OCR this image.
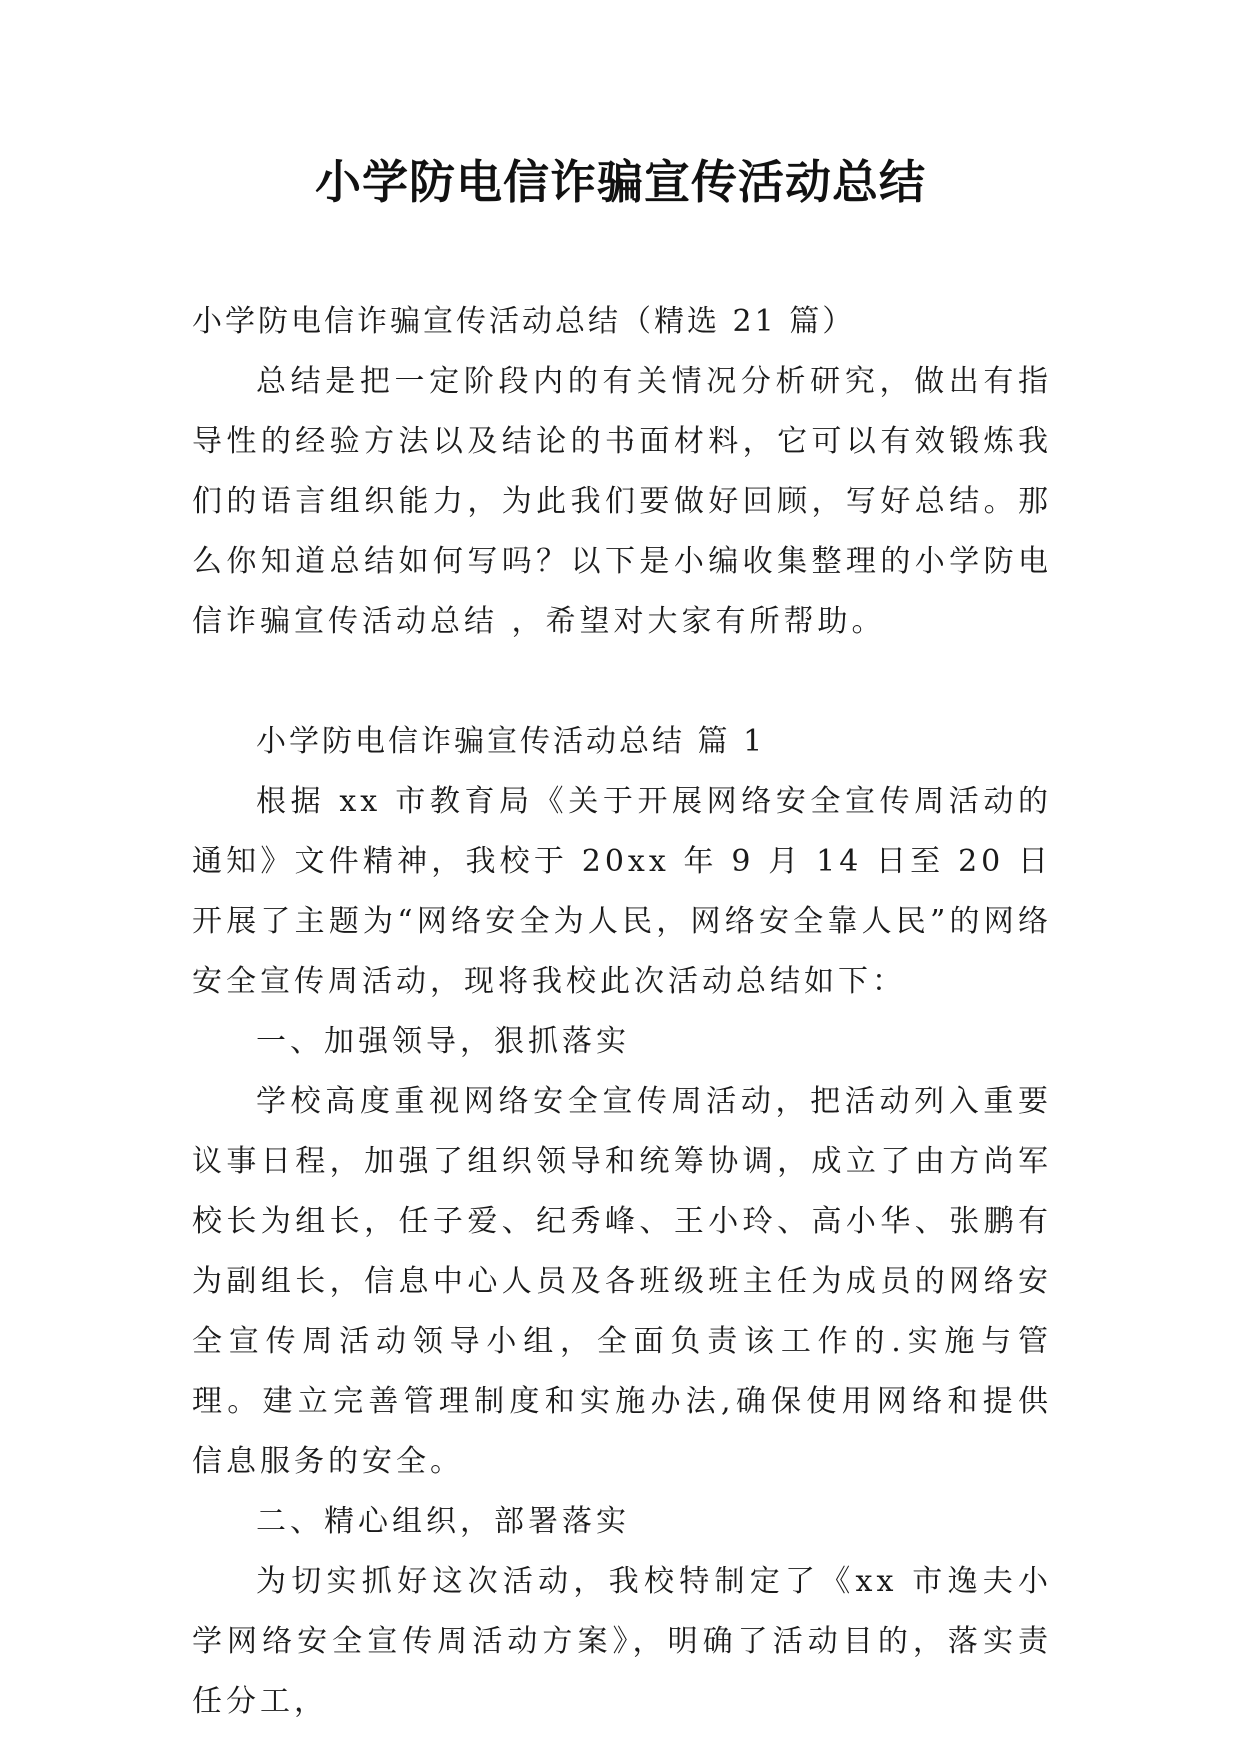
小学防电信诈骗宣传活动总结

小学防电信诈骗宣传活动总结（精选 21 篇）

总结是把一定阶段内的有关情况分析研究，做出有指导性的经验方法以及结论的书面材料，它可以有效锻炼我们的语言组织能力，为此我们要做好回顾，写好总结。那么你知道总结如何写吗？以下是小编收集整理的小学防电信诈骗宣传活动总结 ，希望对大家有所帮助。

小学防电信诈骗宣传活动总结 篇 1

根据 xx 市教育局《关于开展网络安全宣传周活动的通知》文件精神，我校于 20xx 年 9 月 14 日至 20 日开展了主题为“网络安全为人民，网络安全靠人民”的网络安全宣传周活动，现将我校此次活动总结如下：

一、加强领导，狠抓落实

学校高度重视网络安全宣传周活动，把活动列入重要议事日程，加强了组织领导和统筹协调，成立了由方尚军校长为组长，任子爱、纪秀峰、王小玲、高小华、张鹏有为副组长，信息中心人员及各班级班主任为成员的网络安全宣传周活动领导小组，全面负责该工作的.实施与管理。建立完善管理制度和实施办法,确保使用网络和提供信息服务的安全。

二、精心组织，部署落实

为切实抓好这次活动，我校特制定了《xx 市逸夫小学网络安全宣传周活动方案》，明确了活动目的，落实责任分工，
